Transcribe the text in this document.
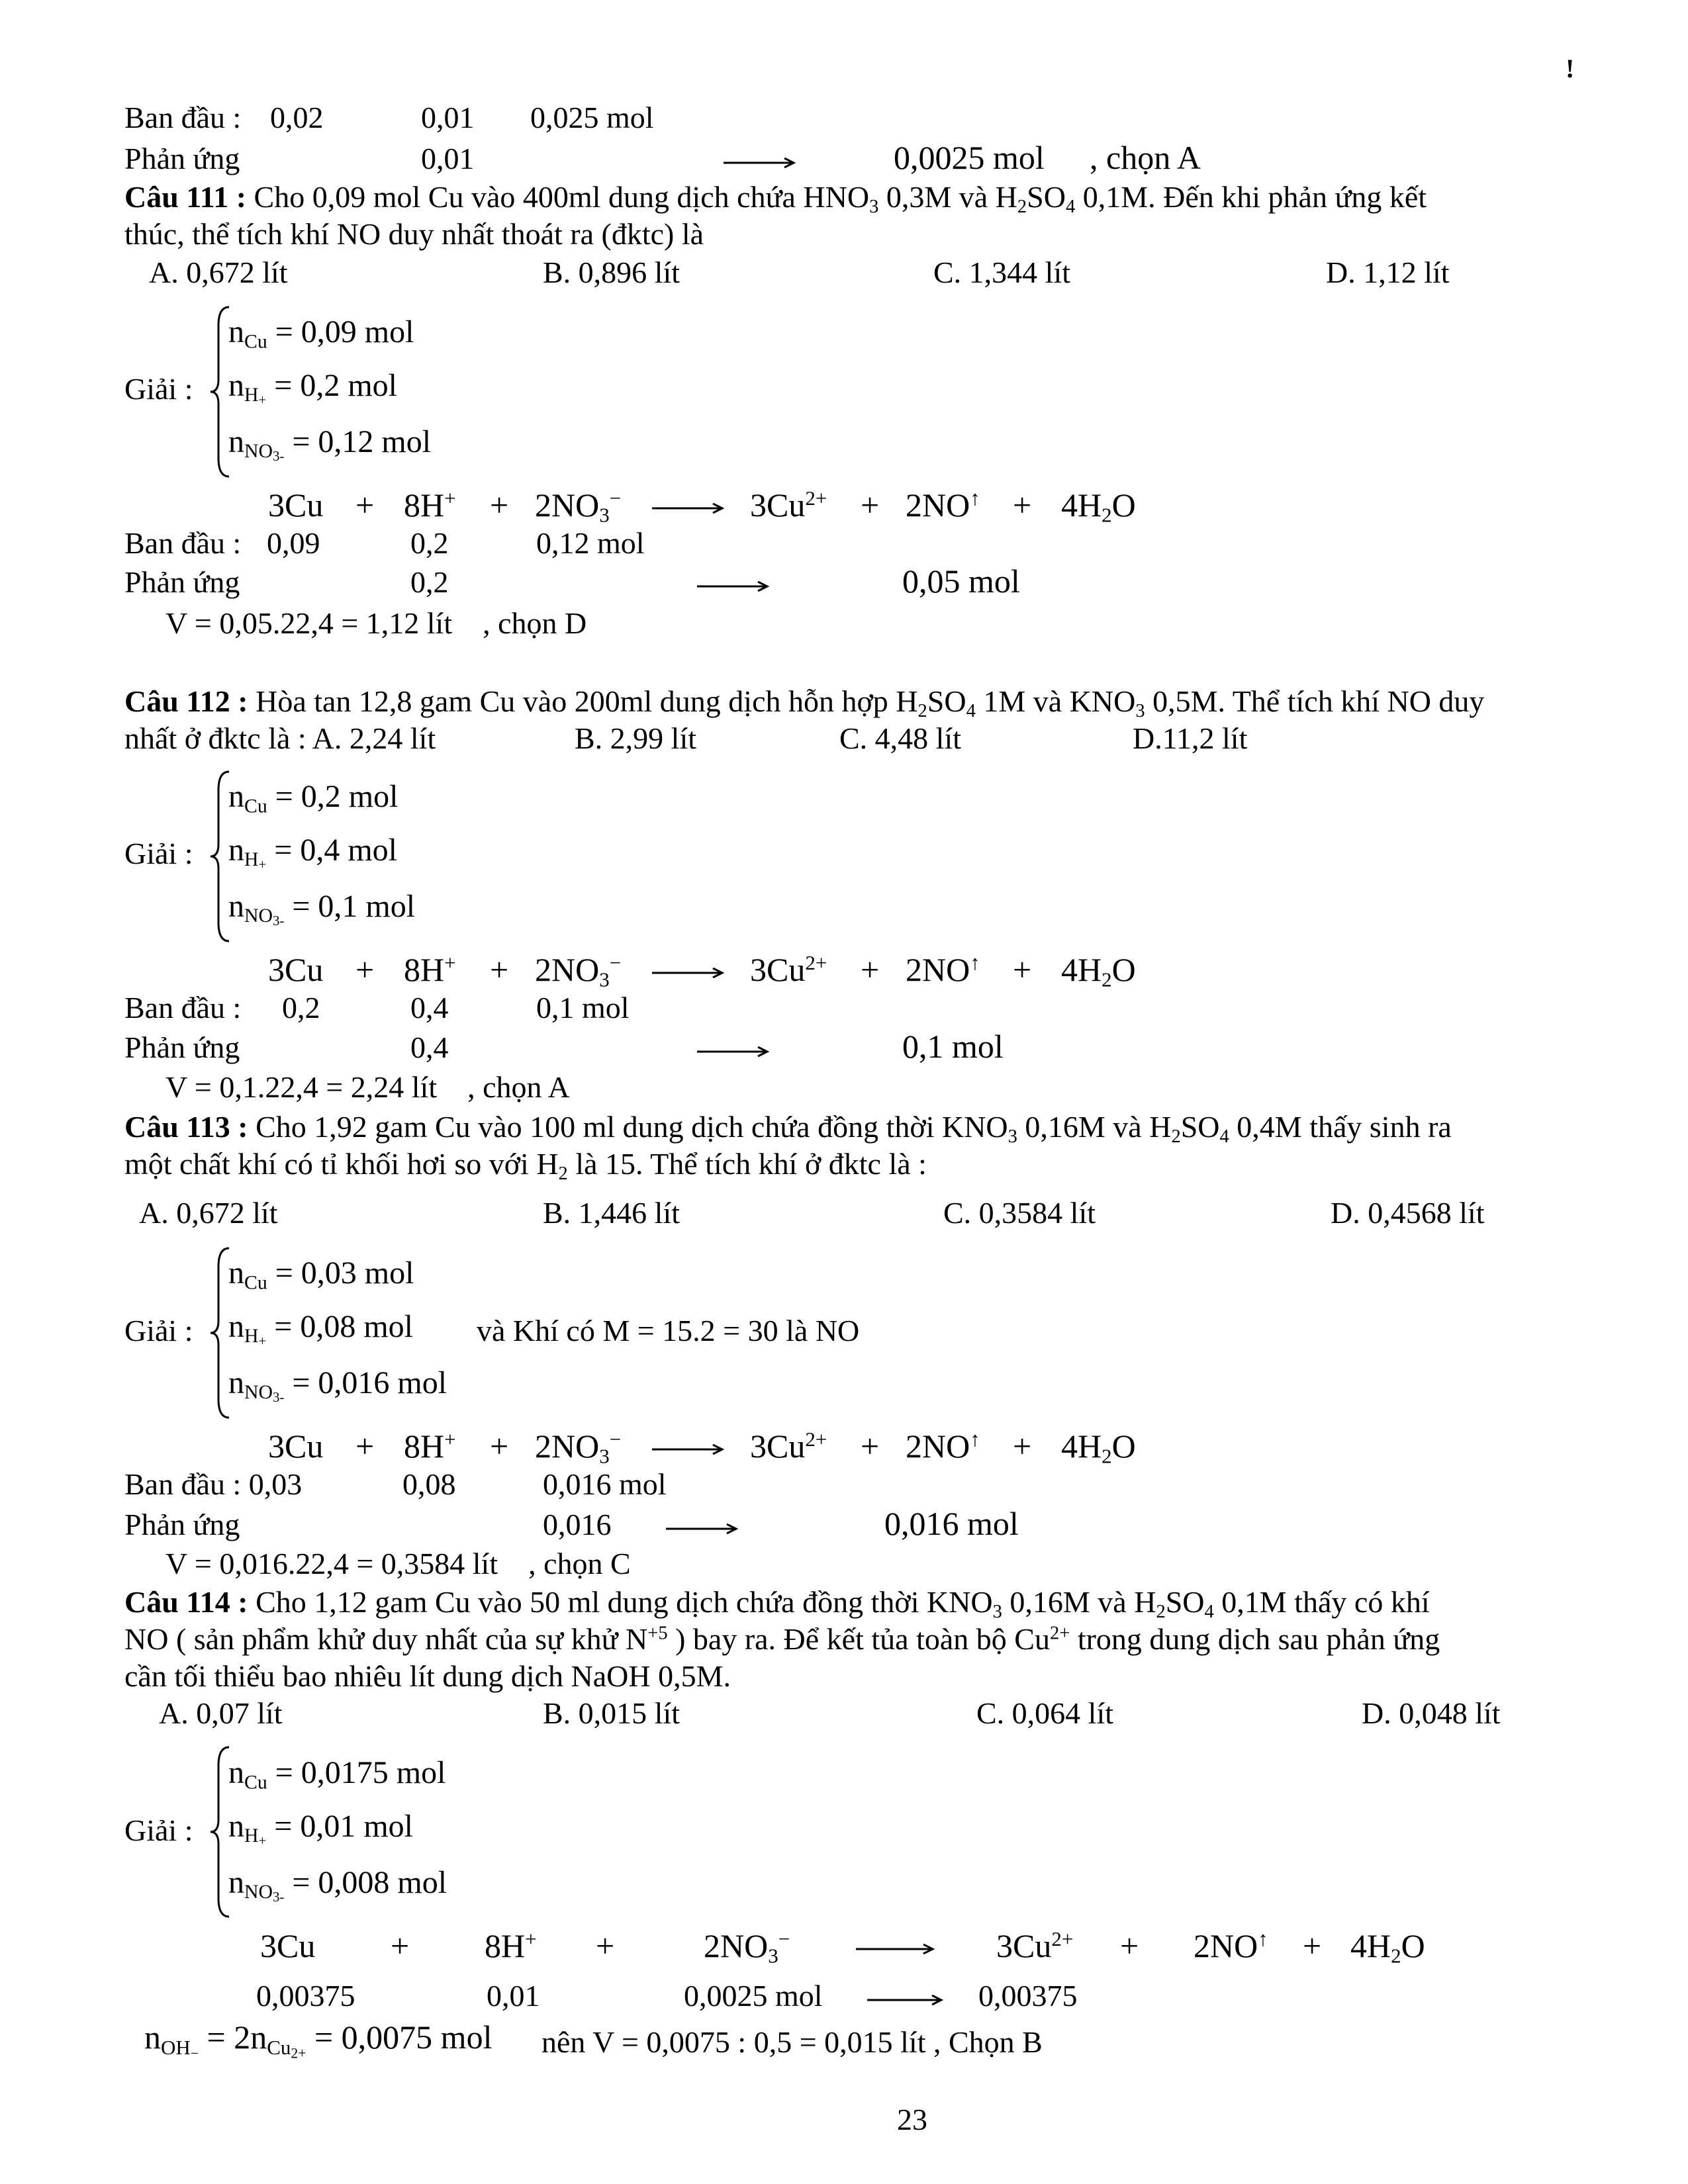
!
Ban đầu : 0,02	0,01 0,025 mol
Phản ứng	0,01	0,0025 mol , chọn A
Câu 111 : Cho 0,09 mol Cu vào 400ml dung dịch chứa $HNO_3$ 0,3M và $H_2SO_4$ 0,1M. Đến khi phản ứng kết
thúc, thể tích khí NO duy nhất thoát ra (đktc) là
A. 0,672 lít	B. 0,896 lít	C. 1,344 lít	D. 1,12 lít
Giải :
$n_{Cu} = 0,09$ mol
$n_{H+} = 0,2$ mol
$n_{NO3-} = 0,12$ mol
$3Cu + 8H^+ + 2NO_3^- \to 3Cu^{2+} + 2NO^↑ + 4H_2O$
Ban đầu : 0,09	0,2	0,12 mol
Phản ứng	0,2	0,05 mol
V = 0,05.22,4 = 1,12 lít , chọn D
Câu 112 : Hòa tan 12,8 gam Cu vào 200ml dung dịch hỗn hợp $H_2SO_4$ 1M và $KNO_3$ 0,5M. Thể tích khí NO duy
nhất ở đktc là : A. 2,24 lít	B. 2,99 lít	C. 4,48 lít	D.11,2 lít
Giải :
$n_{Cu} = 0,2$ mol
$n_{H+} = 0,4$ mol
$n_{NO3-} = 0,1$ mol
$3Cu + 8H^+ + 2NO_3^- \to 3Cu^{2+} + 2NO^↑ + 4H_2O$
Ban đầu : 0,2	0,4	0,1 mol
Phản ứng	0,4	0,1 mol
V = 0,1.22,4 = 2,24 lít , chọn A
Câu 113 : Cho 1,92 gam Cu vào 100 ml dung dịch chứa đồng thời $KNO_3$ 0,16M và $H_2SO_4$ 0,4M thấy sinh ra
một chất khí có tỉ khối hơi so với $H_2$ là 15. Thể tích khí ở đktc là :
A. 0,672 lít	B. 1,446 lít	C. 0,3584 lít	D. 0,4568 lít
Giải :
$n_{Cu} = 0,03$ mol
$n_{H+} = 0,08$ mol và Khí có M = 15.2 = 30 là NO
$n_{NO3-} = 0,016$ mol
$3Cu + 8H^+ + 2NO_3^- \to 3Cu^{2+} + 2NO^↑ + 4H_2O$
Ban đầu : 0,03	0,08	0,016 mol
Phản ứng	0,016	0,016 mol
V = 0,016.22,4 = 0,3584 lít , chọn C
Câu 114 : Cho 1,12 gam Cu vào 50 ml dung dịch chứa đồng thời $KNO_3$ 0,16M và $H_2SO_4$ 0,1M thấy có khí
NO ( sản phẩm khử duy nhất của sự khử $N^{+5}$ ) bay ra. Để kết tủa toàn bộ $Cu^{2+}$ trong dung dịch sau phản ứng
cần tối thiểu bao nhiêu lít dung dịch NaOH 0,5M.
A. 0,07 lít	B. 0,015 lít	C. 0,064 lít	D. 0,048 lít
Giải :
$n_{Cu} = 0,0175$ mol
$n_{H+} = 0,01$ mol
$n_{NO3-} = 0,008$ mol
3Cu + 8H+ +	$2NO_3^-$	$3Cu^{2+} + 2NO^↑ + 4H_2O$
0,00375	0,01	0,0025 mol → 0,00375
$n_{OH-} = 2n_{Cu2+} = 0,0075$ mol nên V = 0,0075 : 0,5 = 0,015 lít , Chọn B
23
